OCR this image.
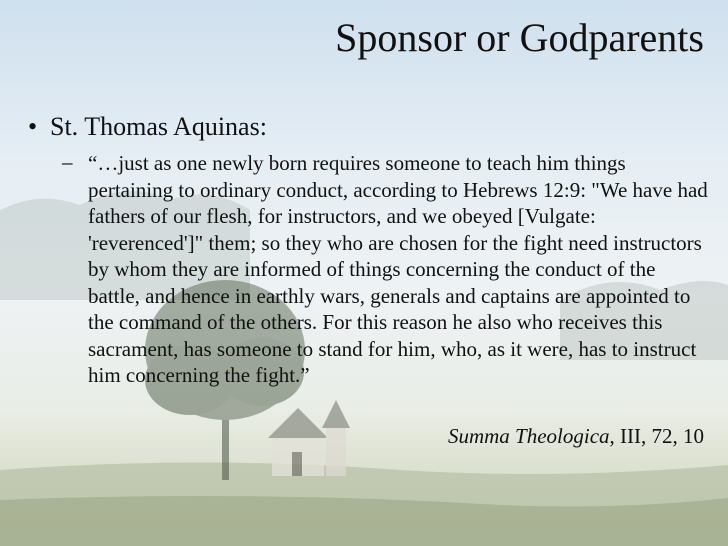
Sponsor or Godparents
• St. Thomas Aquinas:
– “…just as one newly born requires someone to teach him things pertaining to ordinary conduct, according to Hebrews 12:9: "We have had fathers of our flesh, for instructors, and we obeyed [Vulgate: 'reverenced']" them; so they who are chosen for the fight need instructors by whom they are informed of things concerning the conduct of the battle, and hence in earthly wars, generals and captains are appointed to the command of the others. For this reason he also who receives this sacrament, has someone to stand for him, who, as it were, has to instruct him concerning the fight.”
Summa Theologica, III, 72, 10
